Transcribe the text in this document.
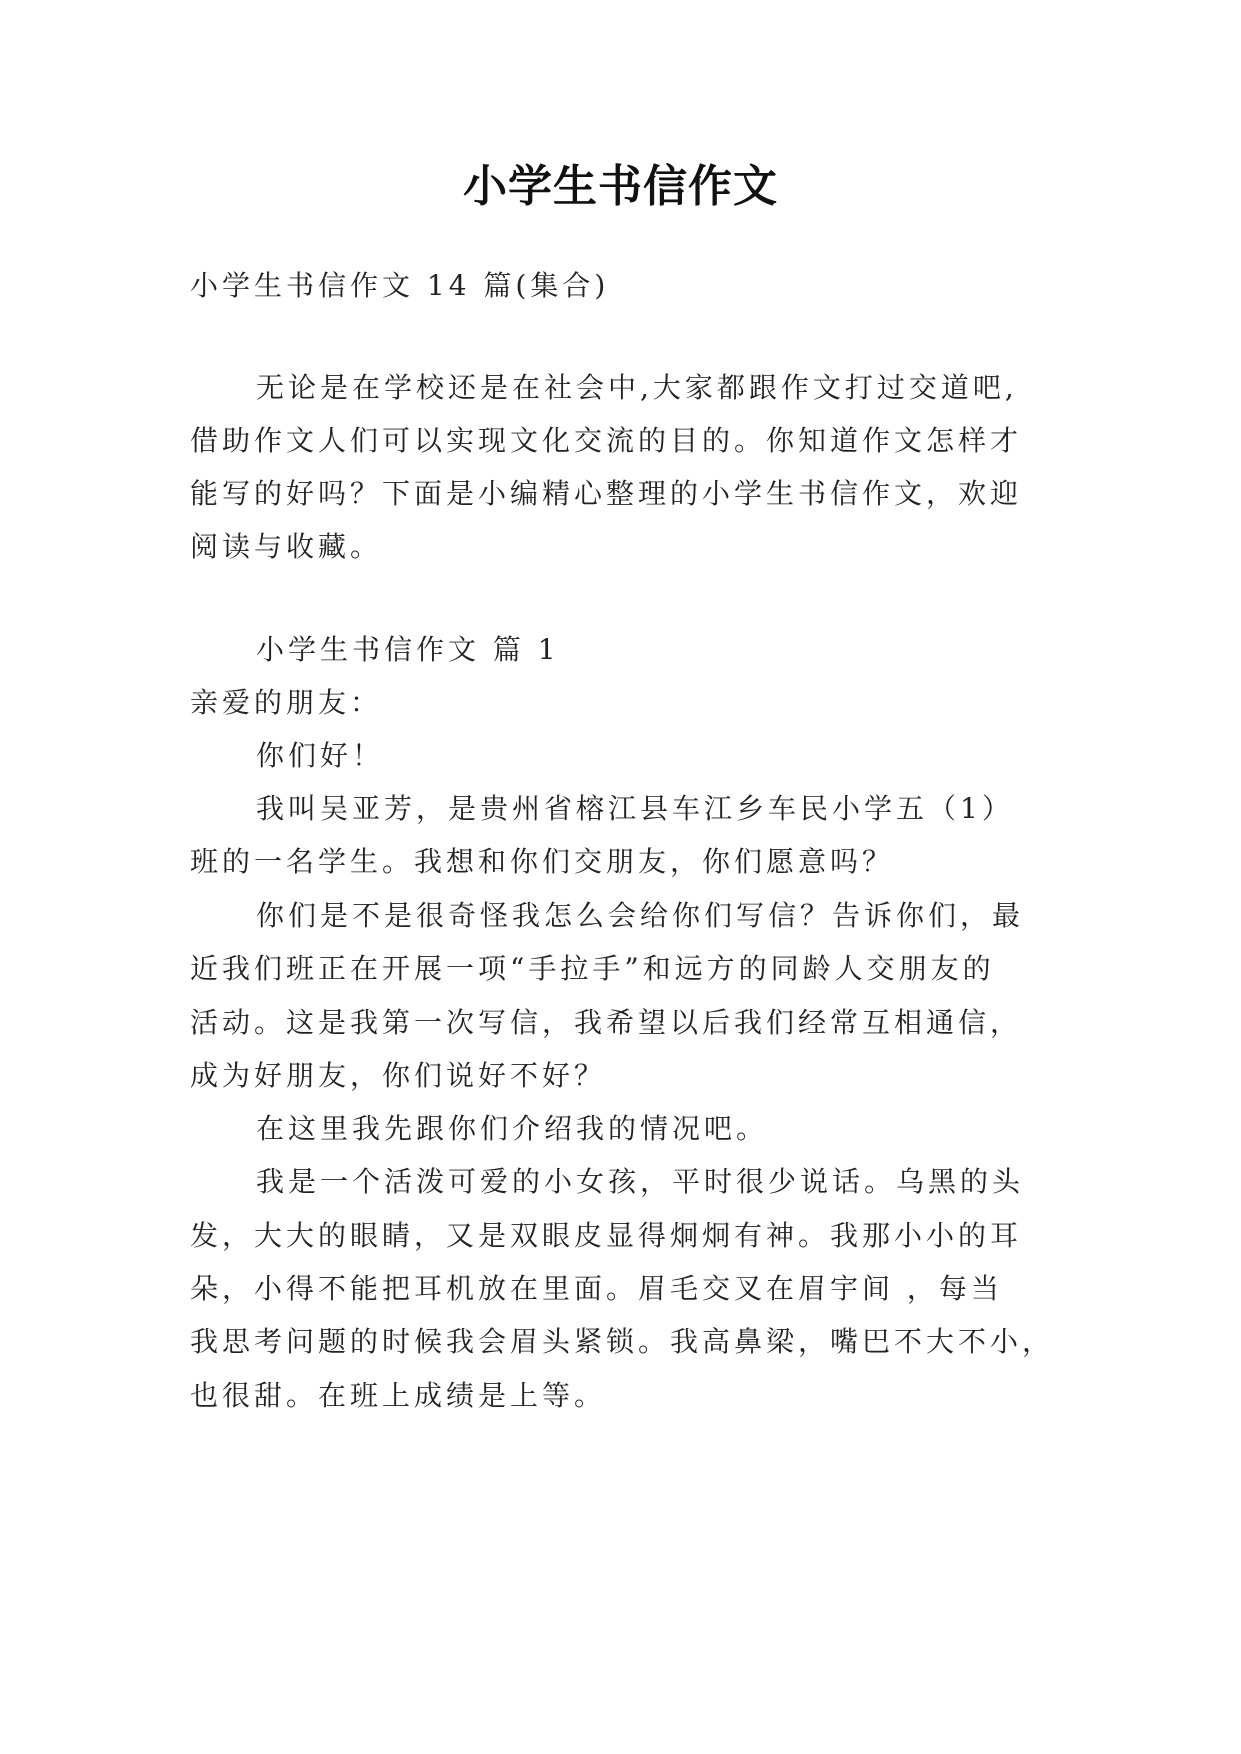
小学生书信作文
小学生书信作文 14 篇(集合)
无论是在学校还是在社会中,大家都跟作文打过交道吧,
借助作文人们可以实现文化交流的目的。你知道作文怎样才
能写的好吗？下面是小编精心整理的小学生书信作文，欢迎
阅读与收藏。
小学生书信作文 篇 1
亲爱的朋友：
你们好！
我叫吴亚芳，是贵州省榕江县车江乡车民小学五（1）
班的一名学生。我想和你们交朋友，你们愿意吗？
你们是不是很奇怪我怎么会给你们写信？告诉你们，最
近我们班正在开展一项“手拉手”和远方的同龄人交朋友的
活动。这是我第一次写信，我希望以后我们经常互相通信，
成为好朋友，你们说好不好？
在这里我先跟你们介绍我的情况吧。
我是一个活泼可爱的小女孩，平时很少说话。乌黑的头
发，大大的眼睛，又是双眼皮显得炯炯有神。我那小小的耳
朵，小得不能把耳机放在里面。眉毛交叉在眉宇间 ，每当
我思考问题的时候我会眉头紧锁。我高鼻梁，嘴巴不大不小，
也很甜。在班上成绩是上等。
